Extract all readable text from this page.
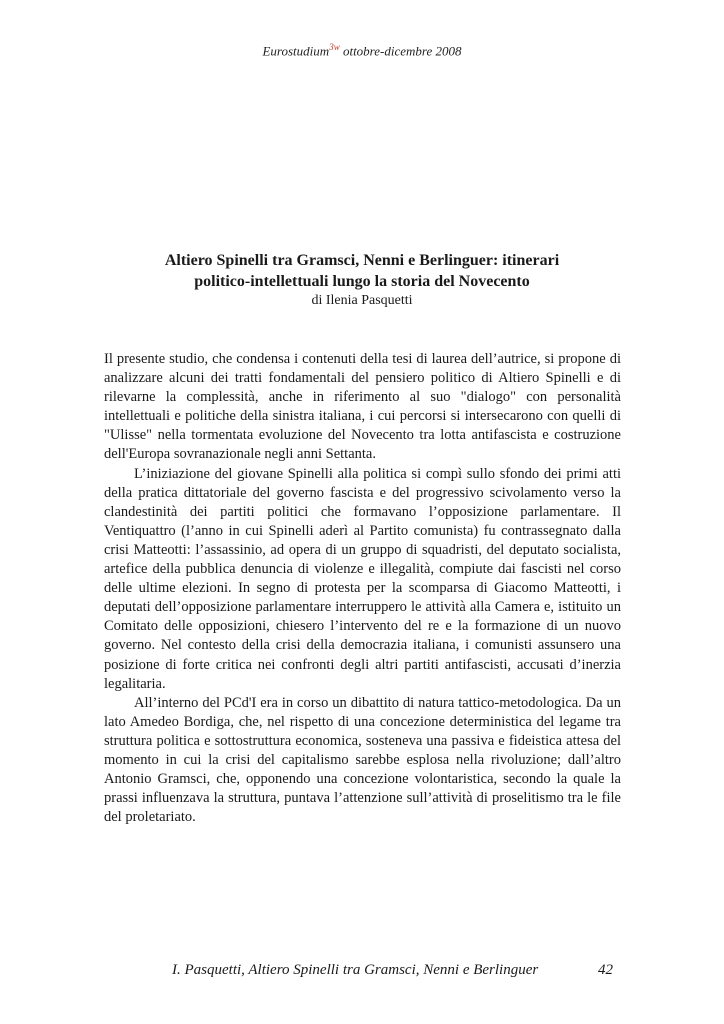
Eurostudium$^{3w}$ ottobre-dicembre 2008
Altiero Spinelli tra Gramsci, Nenni e Berlinguer: itinerari
politico-intellettuali lungo la storia del Novecento
di Ilenia Pasquetti

Il presente studio, che condensa i contenuti della tesi di laurea dell’autrice, si propone di analizzare alcuni dei tratti fondamentali del pensiero politico di Altiero Spinelli e di rilevarne la complessità, anche in riferimento al suo "dialogo" con personalità intellettuali e politiche della sinistra italiana, i cui percorsi si intersecarono con quelli di "Ulisse" nella tormentata evoluzione del Novecento tra lotta antifascista e costruzione dell'Europa sovranazionale negli anni Settanta.

L’iniziazione del giovane Spinelli alla politica si compì sullo sfondo dei primi atti della pratica dittatoriale del governo fascista e del progressivo scivolamento verso la clandestinità dei partiti politici che formavano l’opposizione parlamentare. Il Ventiquattro (l’anno in cui Spinelli aderì al Partito comunista) fu contrassegnato dalla crisi Matteotti: l’assassinio, ad opera di un gruppo di squadristi, del deputato socialista, artefice della pubblica denuncia di violenze e illegalità, compiute dai fascisti nel corso delle ultime elezioni. In segno di protesta per la scomparsa di Giacomo Matteotti, i deputati dell’opposizione parlamentare interruppero le attività alla Camera e, istituito un Comitato delle opposizioni, chiesero l’intervento del re e la formazione di un nuovo governo. Nel contesto della crisi della democrazia italiana, i comunisti assunsero una posizione di forte critica nei confronti degli altri partiti antifascisti, accusati d’inerzia legalitaria.

All’interno del PCd'I era in corso un dibattito di natura tattico-metodologica. Da un lato Amedeo Bordiga, che, nel rispetto di una concezione deterministica del legame tra struttura politica e sottostruttura economica, sosteneva una passiva e fideistica attesa del momento in cui la crisi del capitalismo sarebbe esplosa nella rivoluzione; dall’altro Antonio Gramsci, che, opponendo una concezione volontaristica, secondo la quale la prassi influenzava la struttura, puntava l’attenzione sull’attività di proselitismo tra le file del proletariato.

I. Pasquetti, Altiero Spinelli tra Gramsci, Nenni e Berlinguer	42
